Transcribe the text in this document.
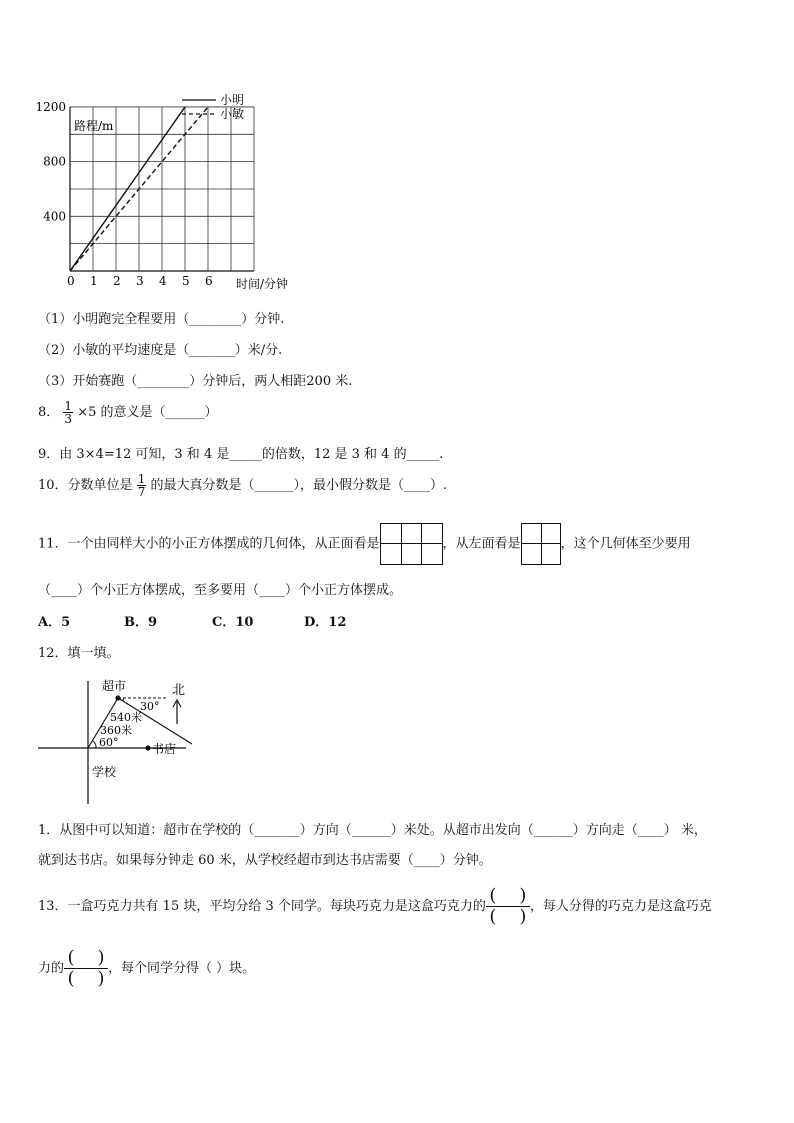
0 1 2 3 4 5 6
400
800
1200
路程/m
时间/分钟
小明
小敏
（1）小明跑完全程要用（________）分钟.
（2）小敏的平均速度是（_______）米/分.
（3）开始赛跑（________）分钟后，两人相距200 米.
8． $\frac{1}{3} \times 5$ 的意义是（______）
9．由 3×4=12 可知，3 和 4 是_____的倍数，12 是 3 和 4 的_____.
10．分数单位是 $\frac{1}{7}$ 的最大真分数是（______），最小假分数是（____）.
11．一个由同样大小的小正方体摆成的几何体，从正面看是	，从左面看是	，这个几何体至少要用
（____）个小正方体摆成，至多要用（____）个小正方体摆成。
A．5	B．9	C．10	D．12
12．填一填。
超市	北
30°
540米
360米
60°	书店
学校
1．从图中可以知道：超市在学校的（_______）方向（______）米处。从超市出发向（______）方向走（____） 米，
就到达书店。如果每分钟走 60 米，从学校经超市到达书店需要（____）分钟。
13．一盒巧克力共有 15 块，平均分给 3 个同学。每块巧克力是这盒巧克力的 $\frac{( )}{( )}$ ，每人分得的巧克力是这盒巧克
力的 $\frac{( )}{( )}$ ，每个同学分得（ ）块。
